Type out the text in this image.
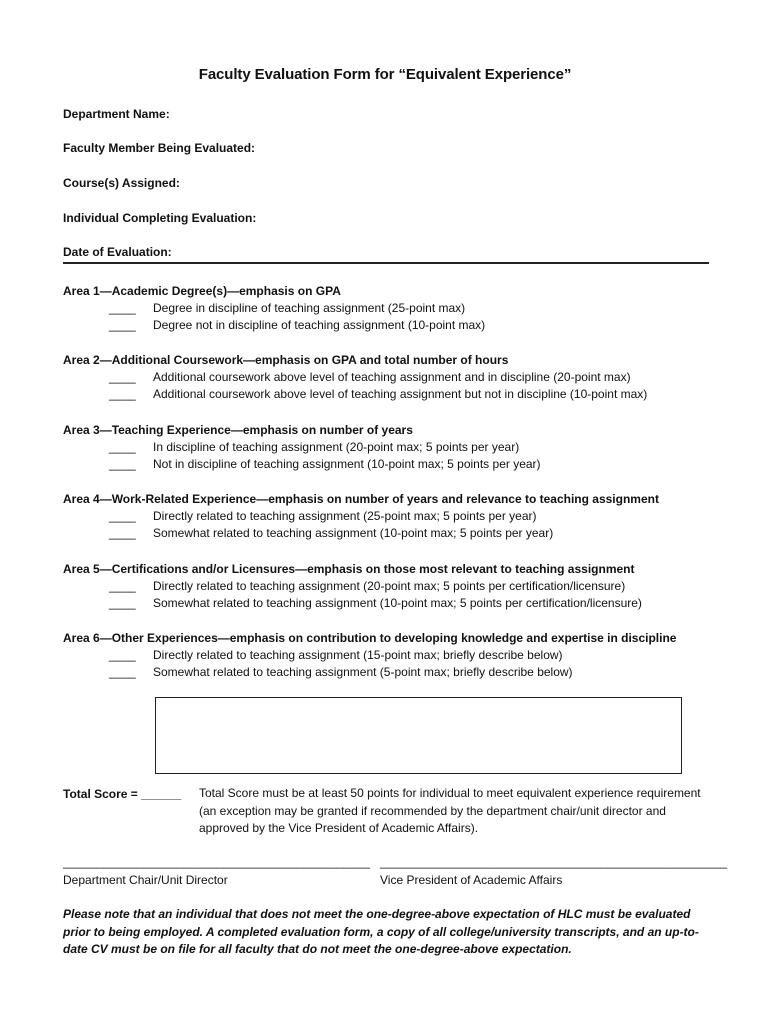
Faculty Evaluation Form for “Equivalent Experience”
Department Name:
Faculty Member Being Evaluated:
Course(s) Assigned:
Individual Completing Evaluation:
Date of Evaluation:
Area 1—Academic Degree(s)—emphasis on GPA
____ Degree in discipline of teaching assignment (25-point max)
____ Degree not in discipline of teaching assignment (10-point max)
Area 2—Additional Coursework—emphasis on GPA and total number of hours
____ Additional coursework above level of teaching assignment and in discipline (20-point max)
____ Additional coursework above level of teaching assignment but not in discipline (10-point max)
Area 3—Teaching Experience—emphasis on number of years
____ In discipline of teaching assignment (20-point max; 5 points per year)
____ Not in discipline of teaching assignment (10-point max; 5 points per year)
Area 4—Work-Related Experience—emphasis on number of years and relevance to teaching assignment
____ Directly related to teaching assignment (25-point max; 5 points per year)
____ Somewhat related to teaching assignment (10-point max; 5 points per year)
Area 5—Certifications and/or Licensures—emphasis on those most relevant to teaching assignment
____ Directly related to teaching assignment (20-point max; 5 points per certification/licensure)
____ Somewhat related to teaching assignment (10-point max; 5 points per certification/licensure)
Area 6—Other Experiences—emphasis on contribution to developing knowledge and expertise in discipline
____ Directly related to teaching assignment (15-point max; briefly describe below)
____ Somewhat related to teaching assignment (5-point max; briefly describe below)
Total Score = ______ Total Score must be at least 50 points for individual to meet equivalent experience requirement (an exception may be granted if recommended by the department chair/unit director and approved by the Vice President of Academic Affairs).
______________________________________________ ____________________________________________________
Department Chair/Unit Director	Vice President of Academic Affairs
Please note that an individual that does not meet the one-degree-above expectation of HLC must be evaluated prior to being employed. A completed evaluation form, a copy of all college/university transcripts, and an up-to-date CV must be on file for all faculty that do not meet the one-degree-above expectation.
